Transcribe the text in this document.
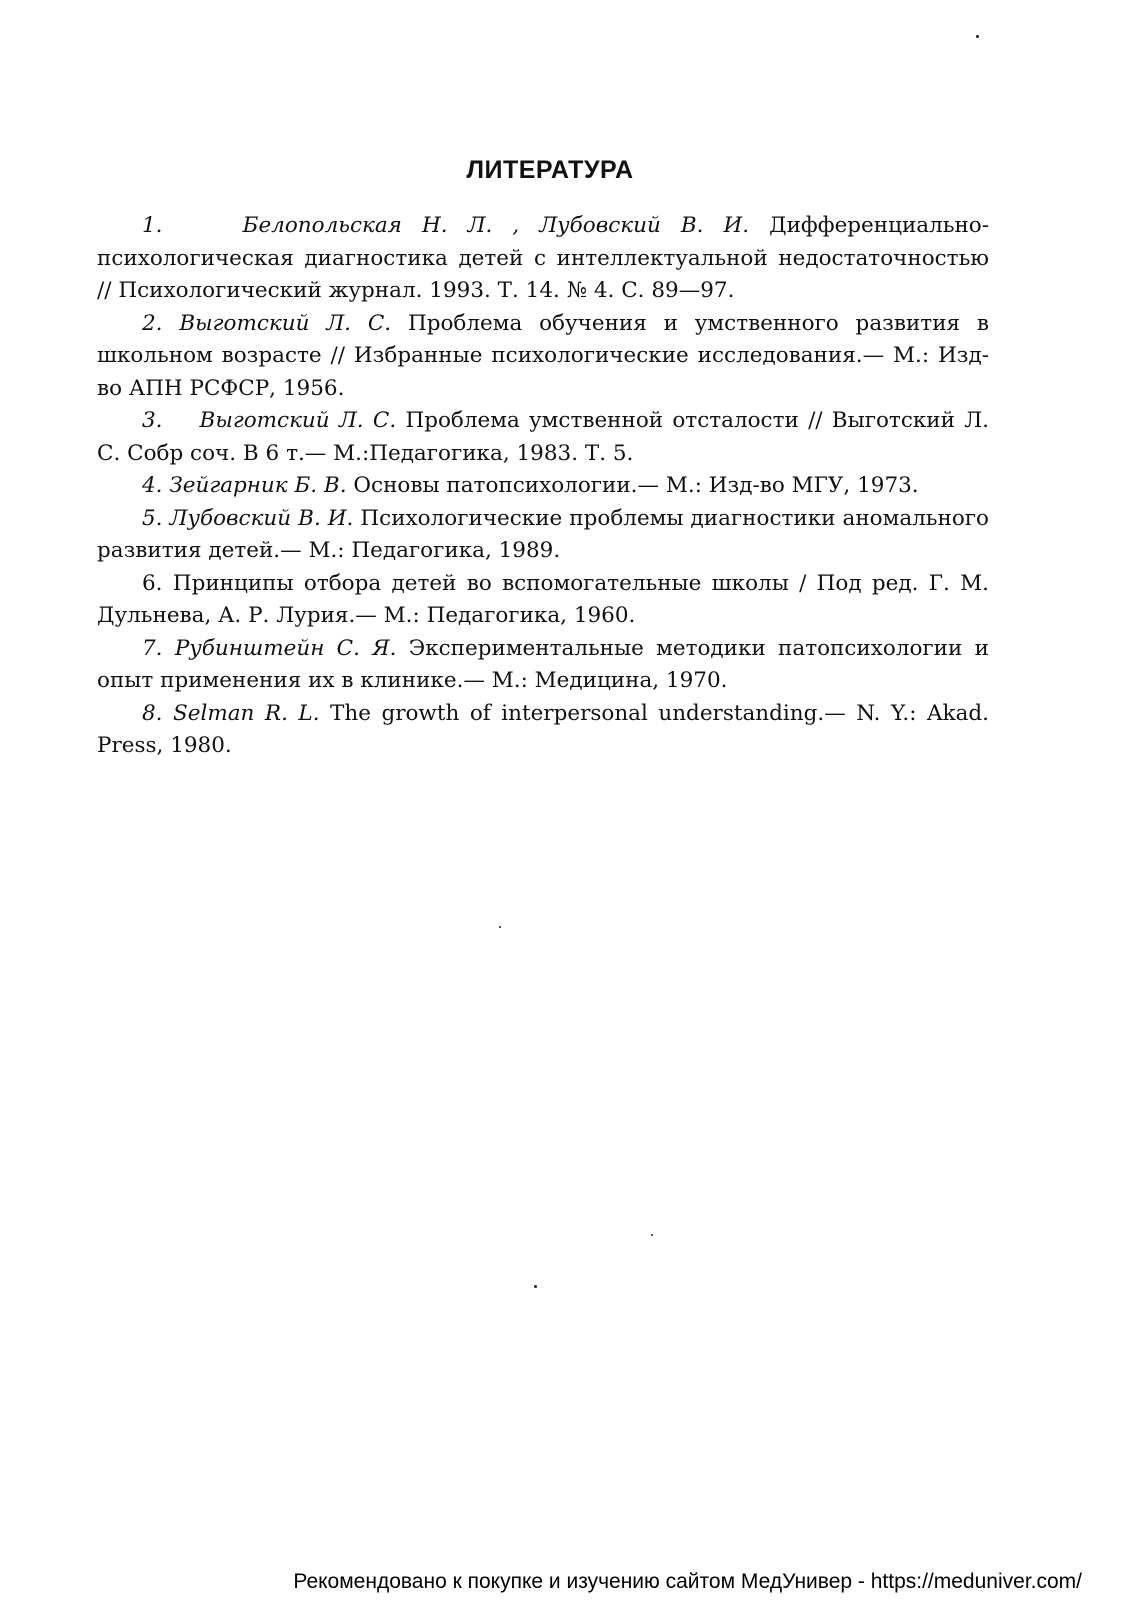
ЛИТЕРАТУРА

1.	Белопольская Н. Л. , Лубовский В. И. Дифференциально-психологическая диагностика детей с интеллектуальной недостаточностью // Психологический журнал. 1993. Т. 14. № 4. С. 89—97.

2. Выготский Л. С. Проблема обучения и умственного развития в школьном возрасте // Избранные психологические исследования.— М.: Изд-во АПН РСФСР, 1956.

3. Выготский Л. С. Проблема умственной отсталости // Выготский Л. С. Собр соч. В 6 т.— М.:Педагогика, 1983. Т. 5.

4. Зейгарник Б. В. Основы патопсихологии.— М.: Изд-во МГУ, 1973.

5. Лубовский В. И. Психологические проблемы диагностики аномального развития детей.— М.: Педагогика, 1989.

6. Принципы отбора детей во вспомогательные школы / Под ред. Г. М. Дульнева, А. Р. Лурия.— М.: Педагогика, 1960.

7. Рубинштейн С. Я. Экспериментальные методики патопсихологии и опыт применения их в клинике.— М.: Медицина, 1970.

8. Selman R. L. The growth of interpersonal understanding.— N. Y.: Akad. Press, 1980.

Рекомендовано к покупке и изучению сайтом МедУнивер - https://meduniver.com/
